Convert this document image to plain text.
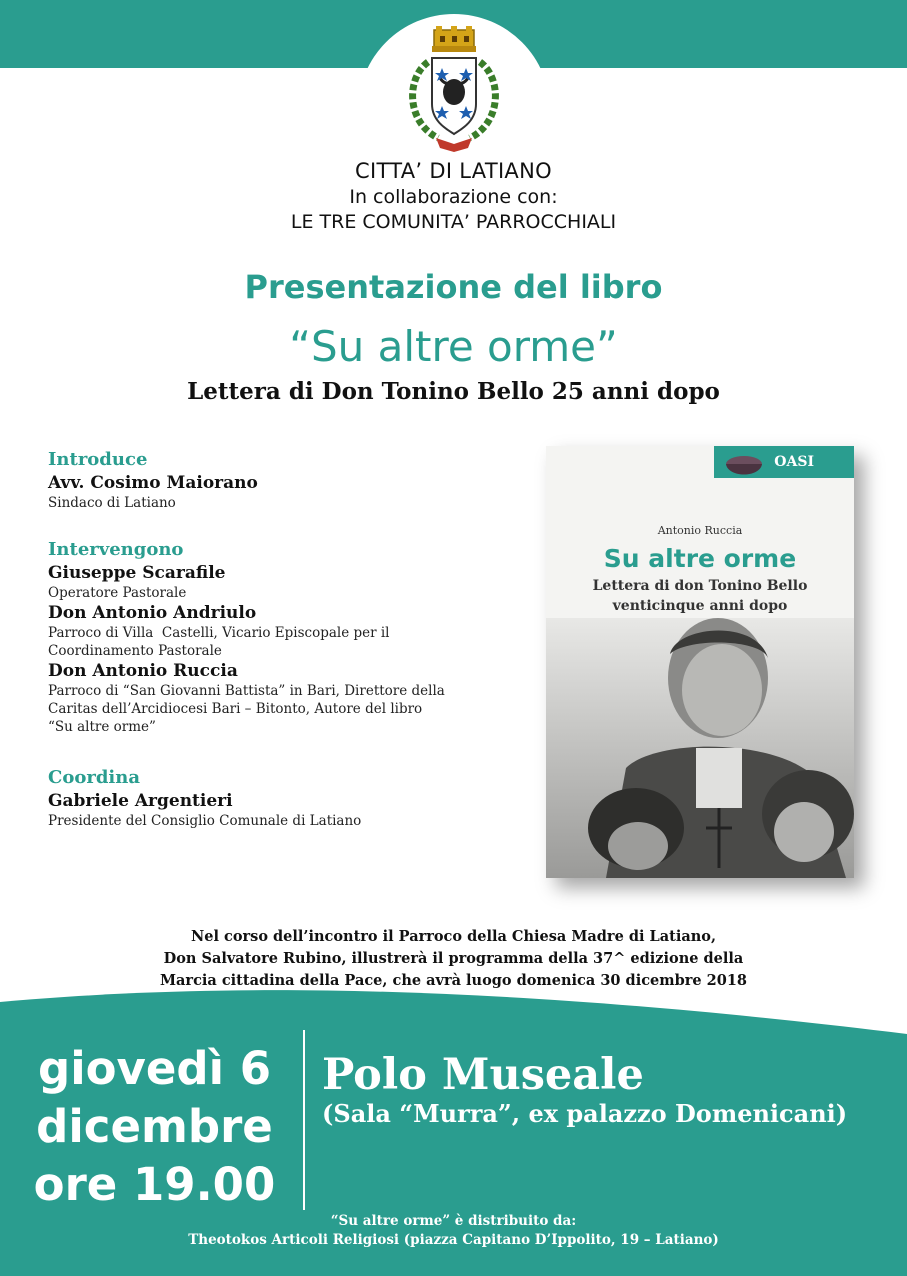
CITTA’ DI LATIANO
In collaborazione con:
LE TRE COMUNITA’ PARROCCHIALI
Presentazione del libro
“Su altre orme”
Lettera di Don Tonino Bello 25 anni dopo
Introduce
Avv. Cosimo Maiorano
Sindaco di Latiano
Intervengono
Giuseppe Scarafile
Operatore Pastorale
Don Antonio Andriulo
Parroco di Villa  Castelli, Vicario Episcopale per il
Coordinamento Pastorale
Don Antonio Ruccia
Parroco di “San Giovanni Battista” in Bari, Direttore della
Caritas dell’Arcidiocesi Bari – Bitonto, Autore del libro
“Su altre orme”
Coordina
Gabriele Argentieri
Presidente del Consiglio Comunale di Latiano
OASI
Antonio Ruccia
Su altre orme
Lettera di don Tonino Bello
venticinque anni dopo
Nel corso dell’incontro il Parroco della Chiesa Madre di Latiano,
Don Salvatore Rubino, illustrerà il programma della 37^ edizione della
Marcia cittadina della Pace, che avrà luogo domenica 30 dicembre 2018
giovedì 6
dicembre
ore 19.00
Polo Museale
(Sala “Murra”, ex palazzo Domenicani)
“Su altre orme” è distribuito da:
Theotokos Articoli Religiosi (piazza Capitano D’Ippolito, 19 – Latiano)
